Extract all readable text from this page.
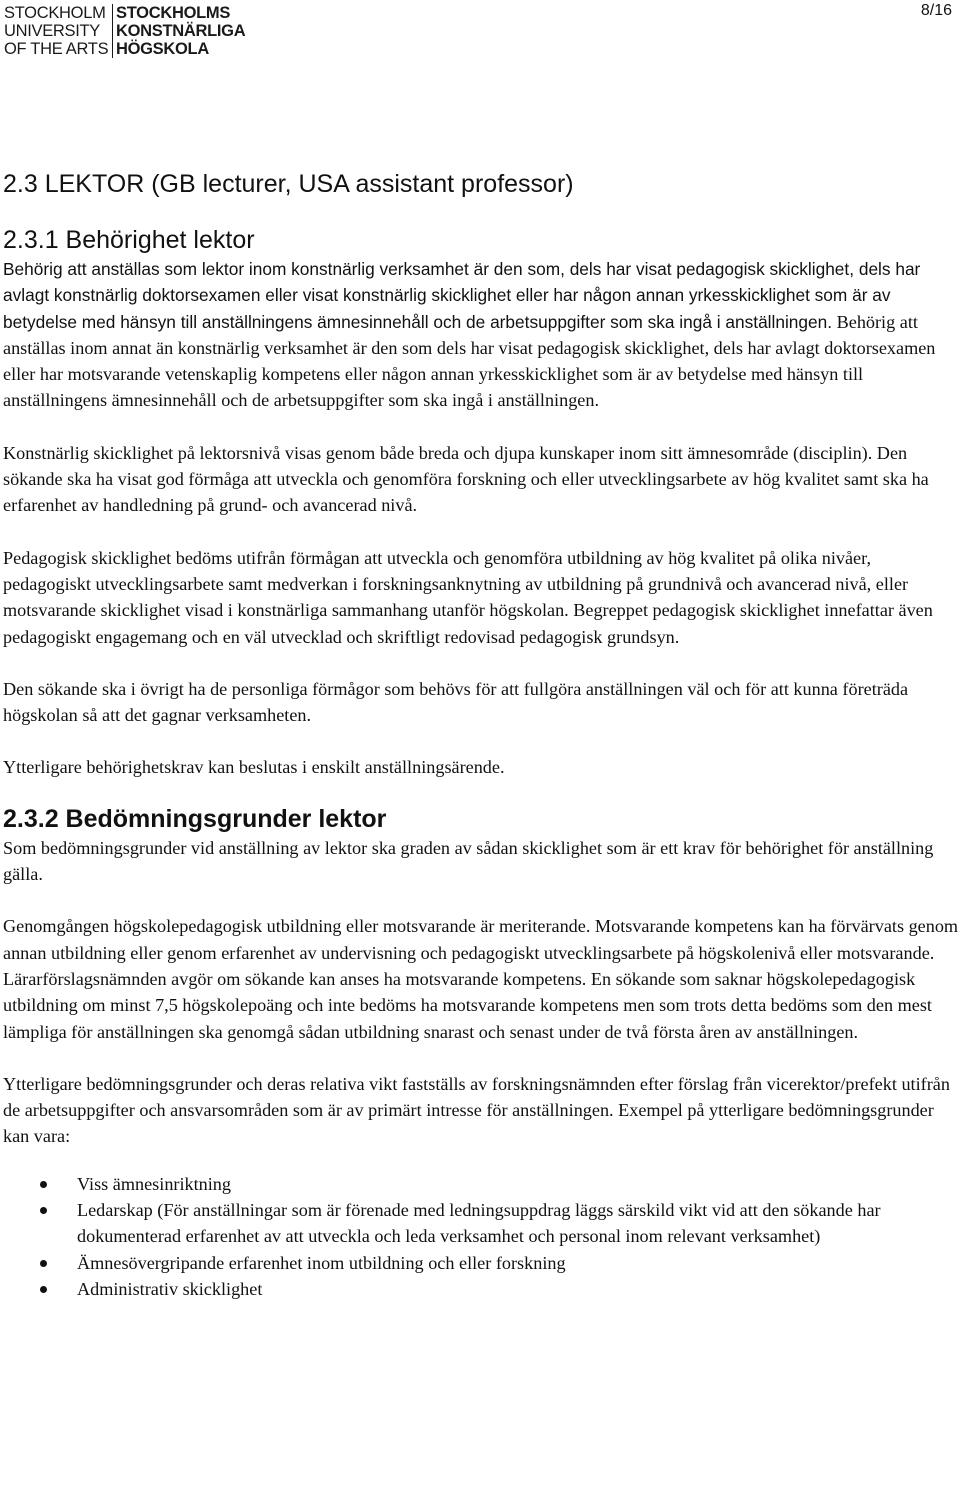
STOCKHOLM STOCKHOLMS
UNIVERSITY KONSTNÄRLIGA
OF THE ARTS HÖGSKOLA
8/16
2.3 LEKTOR (GB lecturer, USA assistant professor)
2.3.1 Behörighet lektor

Behörig att anställas som lektor inom konstnärlig verksamhet är den som, dels har visat pedagogisk skicklighet, dels har avlagt konstnärlig doktorsexamen eller visat konstnärlig skicklighet eller har någon annan yrkesskicklighet som är av betydelse med hänsyn till anställningens ämnesinnehåll och de arbetsuppgifter som ska ingå i anställningen. Behörig att anställas inom annat än konstnärlig verksamhet är den som dels har visat pedagogisk skicklighet, dels har avlagt doktorsexamen eller har motsvarande vetenskaplig kompetens eller någon annan yrkesskicklighet som är av betydelse med hänsyn till anställningens ämnesinnehåll och de arbetsuppgifter som ska ingå i anställningen.

Konstnärlig skicklighet på lektorsnivå visas genom både breda och djupa kunskaper inom sitt ämnesområde (disciplin). Den sökande ska ha visat god förmåga att utveckla och genomföra forskning och eller utvecklingsarbete av hög kvalitet samt ska ha erfarenhet av handledning på grund- och avancerad nivå.

Pedagogisk skicklighet bedöms utifrån förmågan att utveckla och genomföra utbildning av hög kvalitet på olika nivåer, pedagogiskt utvecklingsarbete samt medverkan i forskningsanknytning av utbildning på grundnivå och avancerad nivå, eller motsvarande skicklighet visad i konstnärliga sammanhang utanför högskolan. Begreppet pedagogisk skicklighet innefattar även pedagogiskt engagemang och en väl utvecklad och skriftligt redovisad pedagogisk grundsyn.

Den sökande ska i övrigt ha de personliga förmågor som behövs för att fullgöra anställningen väl och för att kunna företräda högskolan så att det gagnar verksamheten.

Ytterligare behörighetskrav kan beslutas i enskilt anställningsärende.

2.3.2 Bedömningsgrunder lektor

Som bedömningsgrunder vid anställning av lektor ska graden av sådan skicklighet som är ett krav för behörighet för anställning gälla.

Genomgången högskolepedagogisk utbildning eller motsvarande är meriterande. Motsvarande kompetens kan ha förvärvats genom annan utbildning eller genom erfarenhet av undervisning och pedagogiskt utvecklingsarbete på högskolenivå eller motsvarande. Lärarförslagsnämnden avgör om sökande kan anses ha motsvarande kompetens. En sökande som saknar högskolepedagogisk utbildning om minst 7,5 högskolepoäng och inte bedöms ha motsvarande kompetens men som trots detta bedöms som den mest lämpliga för anställningen ska genomgå sådan utbildning snarast och senast under de två första åren av anställningen.

Ytterligare bedömningsgrunder och deras relativa vikt fastställs av forskningsnämnden efter förslag från vicerektor/prefekt utifrån de arbetsuppgifter och ansvarsområden som är av primärt intresse för anställningen. Exempel på ytterligare bedömningsgrunder kan vara:

Viss ämnesinriktning
Ledarskap (För anställningar som är förenade med ledningsuppdrag läggs särskild vikt vid att den sökande har dokumenterad erfarenhet av att utveckla och leda verksamhet och personal inom relevant verksamhet)
Ämnesövergripande erfarenhet inom utbildning och eller forskning
Administrativ skicklighet
